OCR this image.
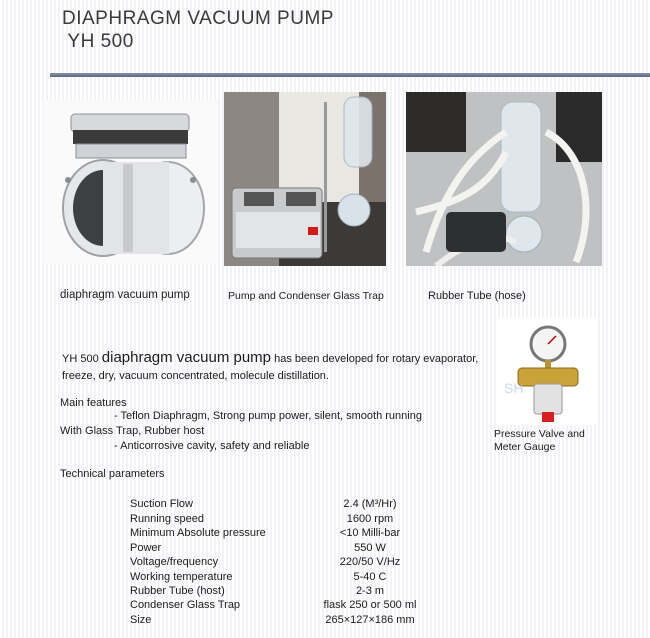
DIAPHRAGM VACUUM PUMP
YH 500
diaphragm vacuum pump	Pump and Condenser Glass Trap	Rubber Tube (hose)
SH
Pressure Valve and
Meter Gauge
YH 500 diaphragm vacuum pump has been developed for rotary evaporator, freeze, dry, vacuum concentrated, molecule distillation.
Main features
- Teflon Diaphragm, Strong pump power, silent, smooth running
With Glass Trap, Rubber host
- Anticorrosive cavity, safety and reliable
Technical parameters
Suction Flow	2.4 (M³/Hr)
Running speed	1600 rpm
Minimum Absolute pressure	<10 Milli-bar
Power	550 W
Voltage/frequency	220/50 V/Hz
Working temperature	5-40 C
Rubber Tube (host)	2-3 m
Condenser Glass Trap	flask 250 or 500 ml
Size	265×127×186 mm
